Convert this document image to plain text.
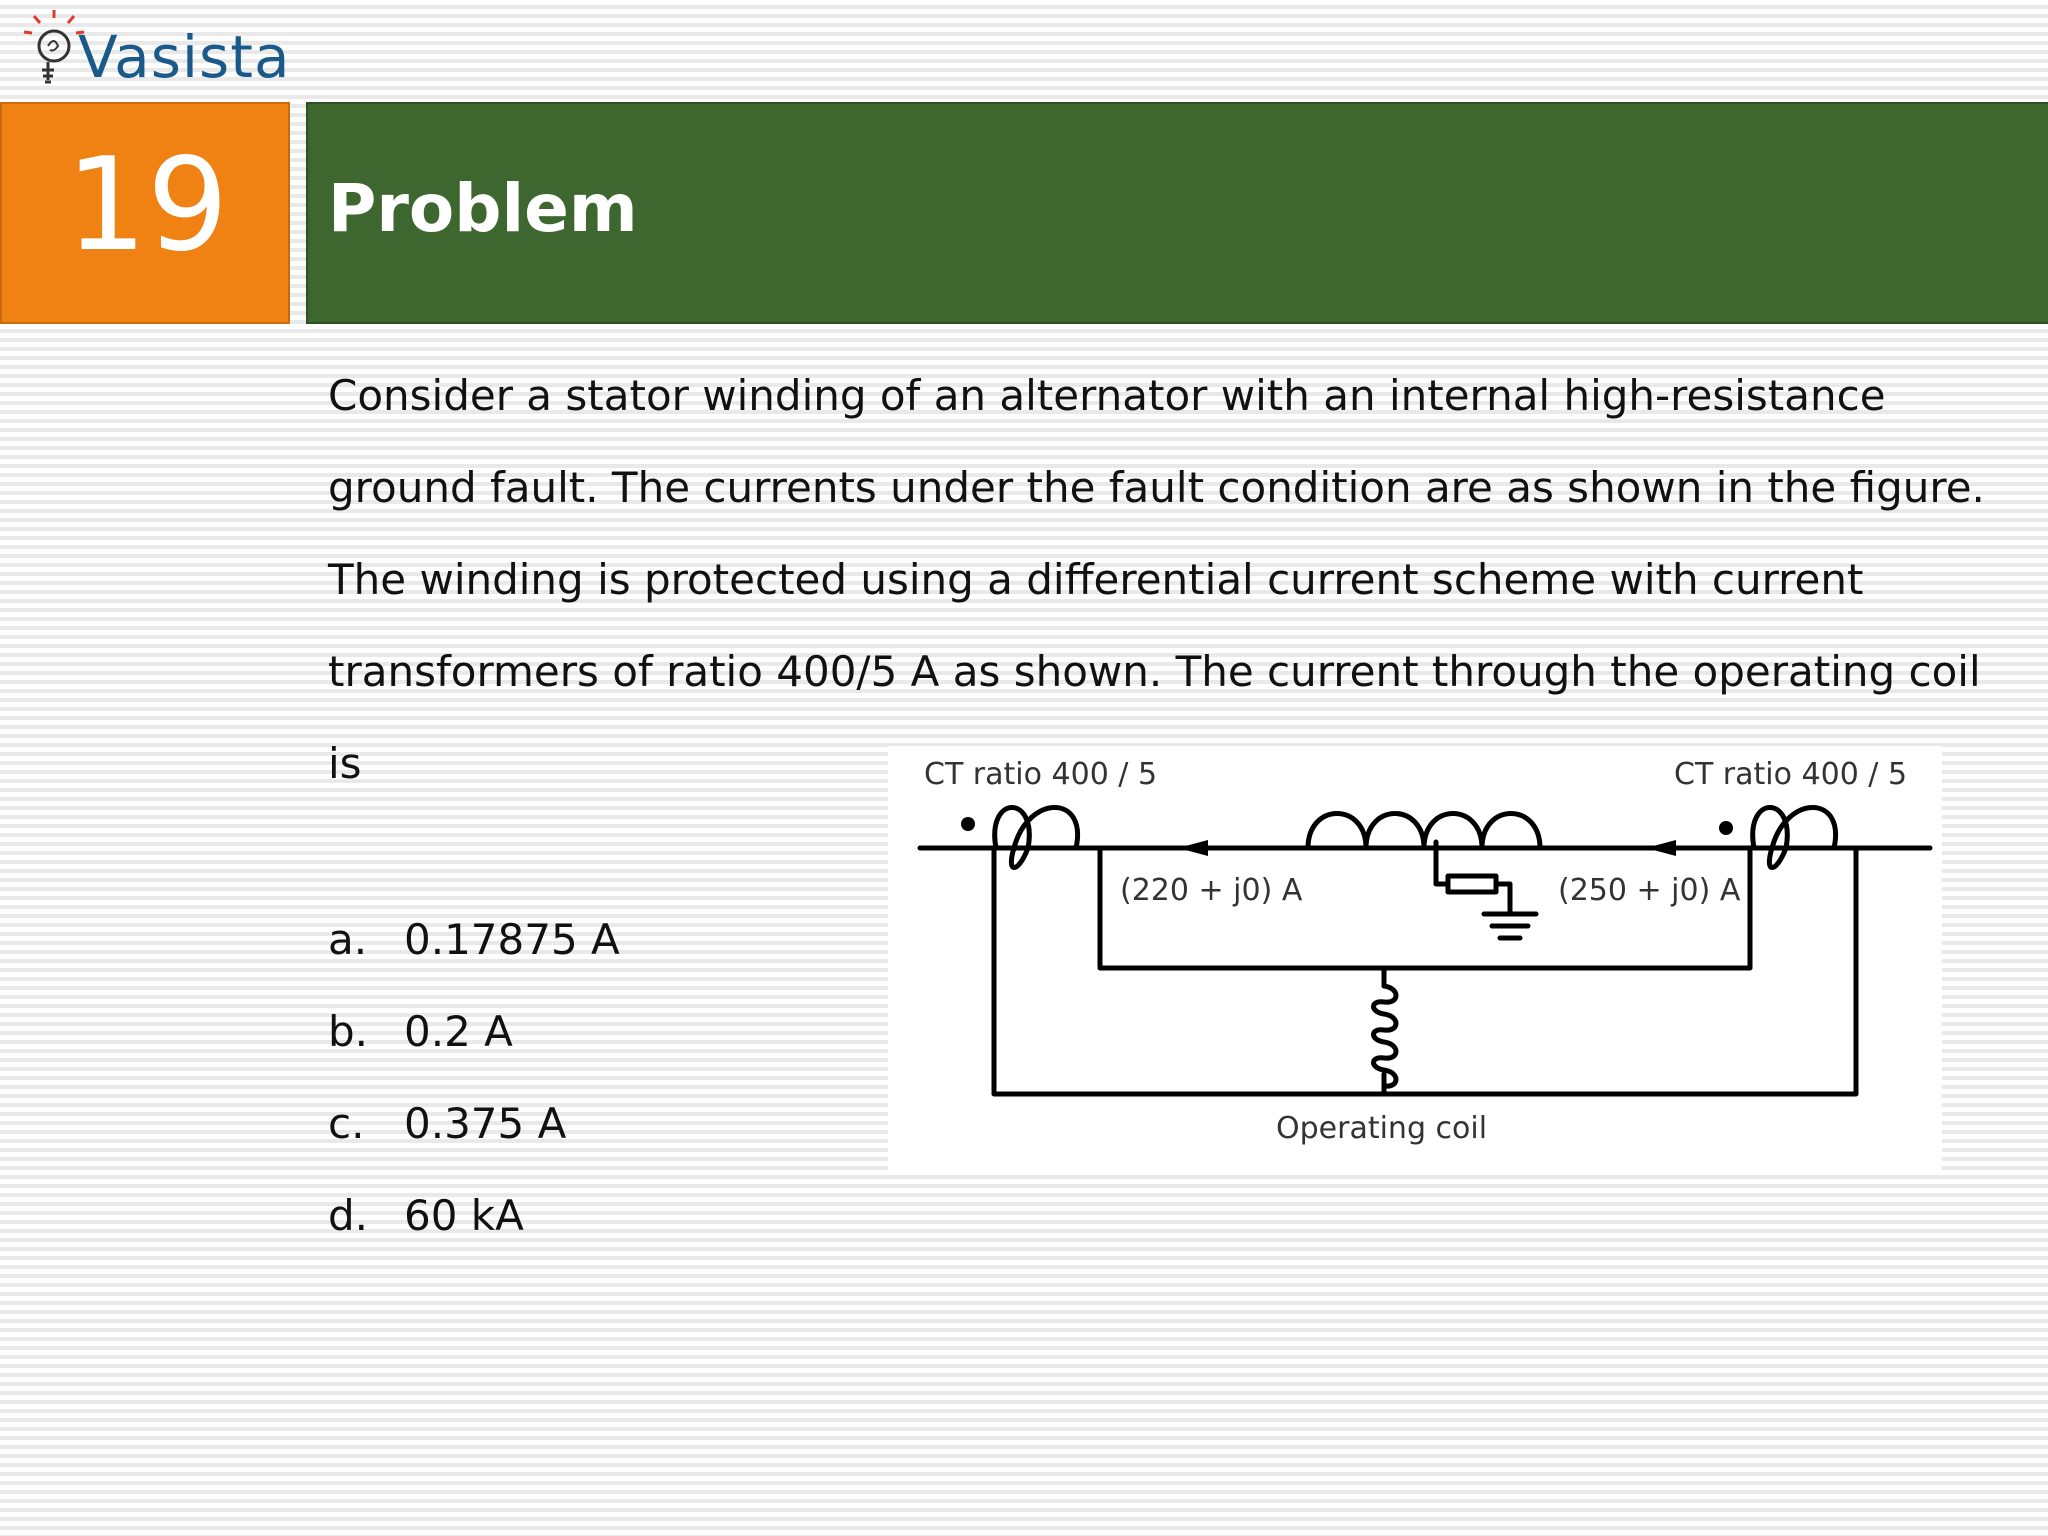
Vasista
19	Problem
Consider a stator winding of an alternator with an internal high-resistance
ground fault. The currents under the fault condition are as shown in the figure.
The winding is protected using a differential current scheme with current
transformers of ratio 400/5 A as shown. The current through the operating coil
is
a. 0.17875 A
b. 0.2 A
c. 0.375 A
d. 60 kA
CT ratio 400 / 5	CT ratio 400 / 5
(220 + j0) A	(250 + j0) A
Operating coil
